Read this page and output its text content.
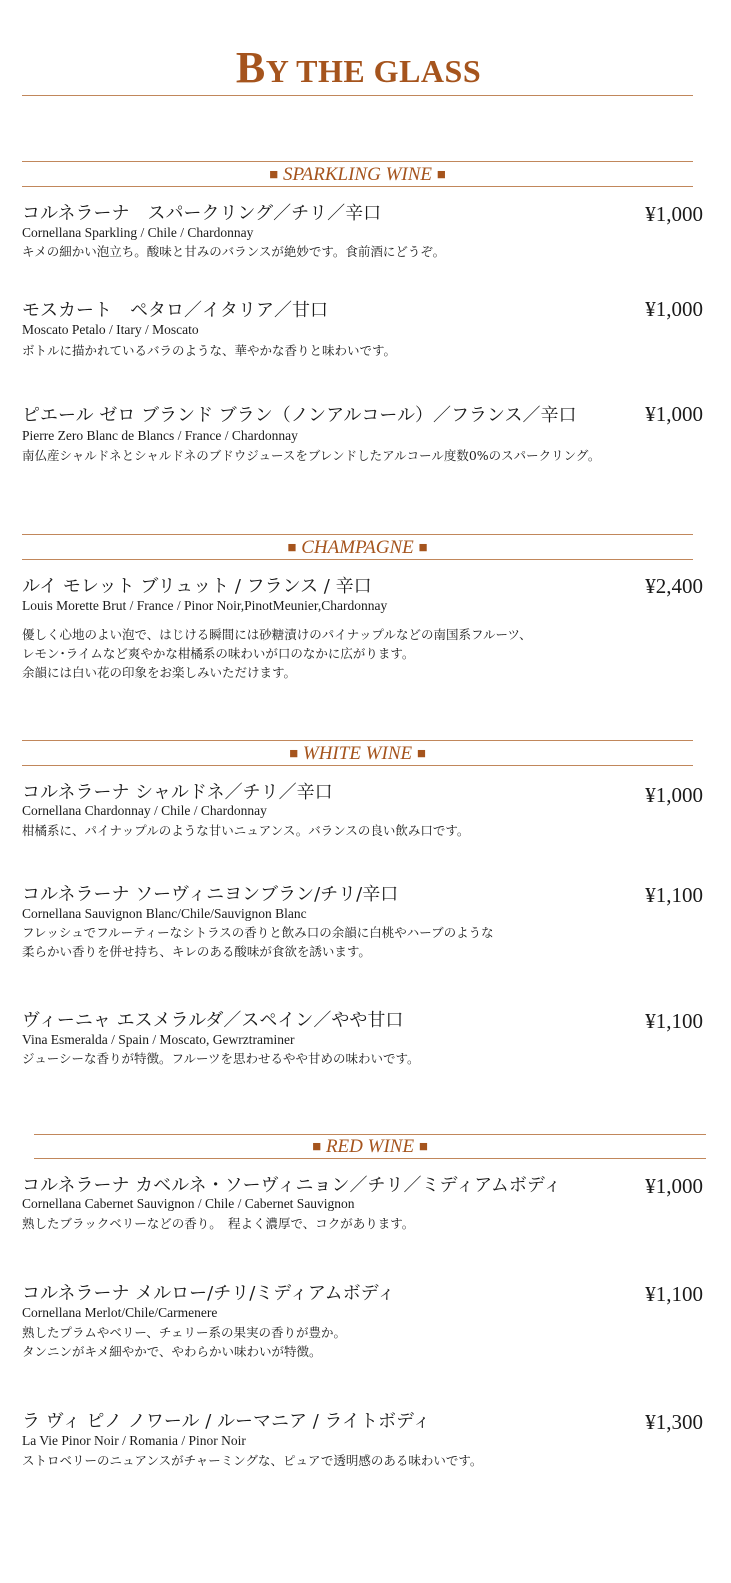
BY THE GLASS
■ SPARKLING WINE ■
コルネラーナ　スパークリング／チリ／辛口	¥1,000
Cornellana Sparkling / Chile / Chardonnay
キメの細かい泡立ち。酸味と甘みのバランスが絶妙です。食前酒にどうぞ。
モスカート　ペタロ／イタリア／甘口	¥1,000
Moscato Petalo / Itary / Moscato
ボトルに描かれているバラのような、華やかな香りと味わいです。
ピエール ゼロ ブランド ブラン（ノンアルコール）／フランス／辛口	¥1,000
Pierre Zero Blanc de Blancs / France / Chardonnay
南仏産シャルドネとシャルドネのブドウジュースをブレンドしたアルコール度数0%のスパークリング。
■ CHAMPAGNE ■
ルイ モレット ブリュット / フランス / 辛口	¥2,400
Louis Morette Brut / France / Pinor Noir,PinotMeunier,Chardonnay
優しく心地のよい泡で、はじける瞬間には砂糖漬けのパイナップルなどの南国系フルーツ、
レモン･ライムなど爽やかな柑橘系の味わいが口のなかに広がります。
余韻には白い花の印象をお楽しみいただけます。
■ WHITE WINE ■
コルネラーナ シャルドネ／チリ／辛口	¥1,000
Cornellana Chardonnay / Chile / Chardonnay
柑橘系に、パイナップルのような甘いニュアンス。バランスの良い飲み口です。
コルネラーナ ソーヴィニヨンブラン/チリ/辛口	¥1,100
Cornellana Sauvignon Blanc/Chile/Sauvignon Blanc
フレッシュでフルーティーなシトラスの香りと飲み口の余韻に白桃やハーブのような
柔らかい香りを併せ持ち、キレのある酸味が食欲を誘います。
ヴィーニャ エスメラルダ／スペイン／やや甘口	¥1,100
Vina Esmeralda / Spain / Moscato, Gewrztraminer
ジューシーな香りが特徴。フルーツを思わせるやや甘めの味わいです。
■ RED WINE ■
コルネラーナ カベルネ・ソーヴィニョン／チリ／ミディアムボディ	¥1,000
Cornellana Cabernet Sauvignon / Chile / Cabernet Sauvignon
熟したブラックベリーなどの香り。　程よく濃厚で、コクがあります。
コルネラーナ メルロー/チリ/ミディアムボディ	¥1,100
Cornellana Merlot/Chile/Carmenere
熟したプラムやベリー、チェリー系の果実の香りが豊か。
タンニンがキメ細やかで、やわらかい味わいが特徴。
ラ ヴィ ピノ ノワール / ルーマニア / ライトボディ	¥1,300
La Vie Pinor Noir / Romania / Pinor Noir
ストロベリーのニュアンスがチャーミングな、ピュアで透明感のある味わいです。
